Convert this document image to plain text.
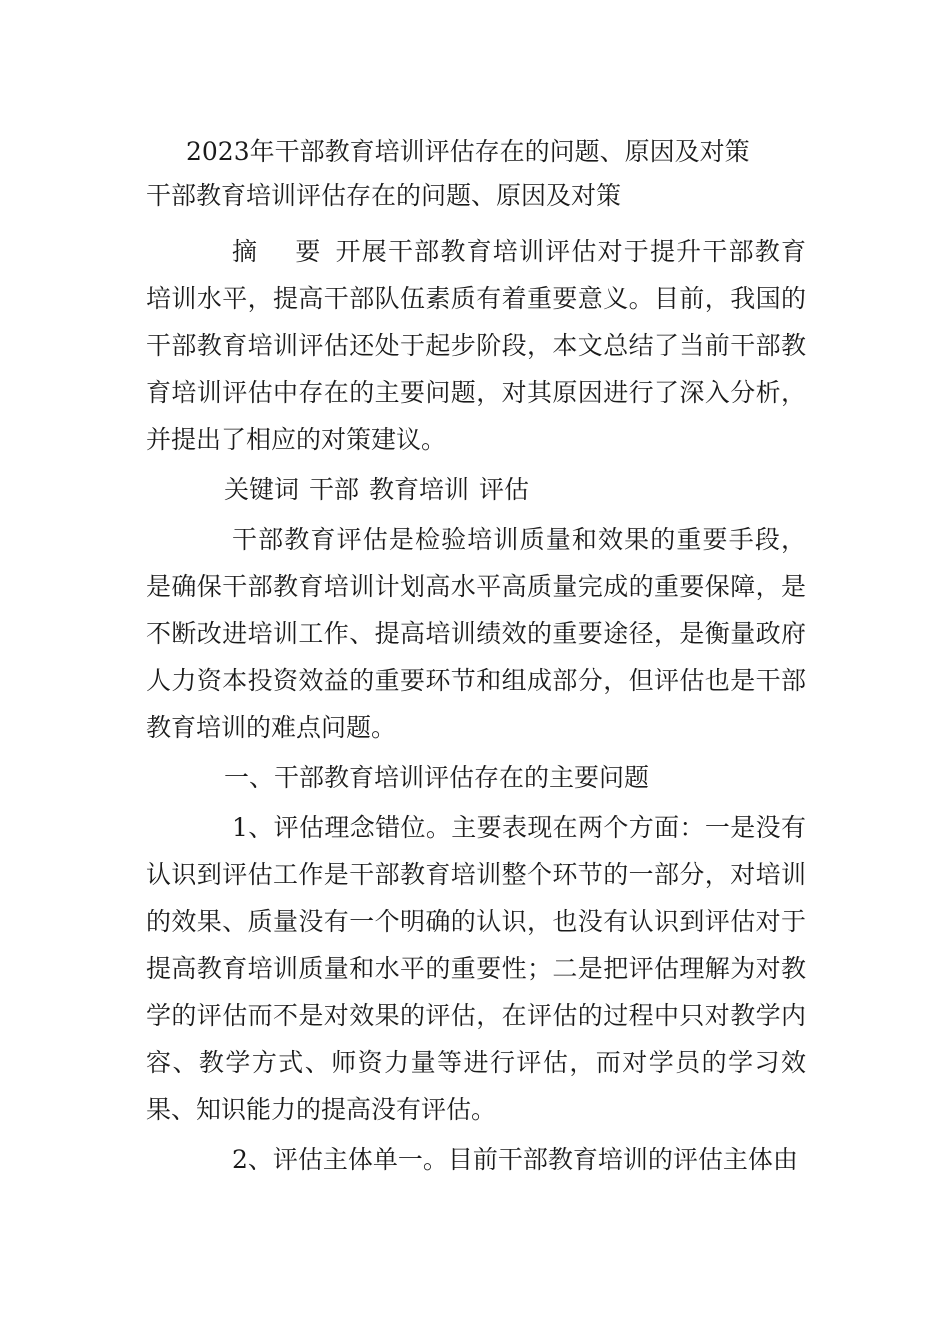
2023年干部教育培训评估存在的问题、原因及对策
干部教育培训评估存在的问题、原因及对策

摘 要开展干部教育培训评估对于提升干部教育培训水平，提高干部队伍素质有着重要意义。目前，我国的干部教育培训评估还处于起步阶段，本文总结了当前干部教育培训评估中存在的主要问题，对其原因进行了深入分析，并提出了相应的对策建议。

关键词 干部 教育培训 评估

干部教育评估是检验培训质量和效果的重要手段，是确保干部教育培训计划高水平高质量完成的重要保障，是不断改进培训工作、提高培训绩效的重要途径，是衡量政府人力资本投资效益的重要环节和组成部分，但评估也是干部教育培训的难点问题。

一、干部教育培训评估存在的主要问题

1、评估理念错位。主要表现在两个方面：一是没有认识到评估工作是干部教育培训整个环节的一部分，对培训的效果、质量没有一个明确的认识，也没有认识到评估对于提高教育培训质量和水平的重要性；二是把评估理解为对教学的评估而不是对效果的评估，在评估的过程中只对教学内容、教学方式、师资力量等进行评估，而对学员的学习效果、知识能力的提高没有评估。

2、评估主体单一。目前干部教育培训的评估主体由
